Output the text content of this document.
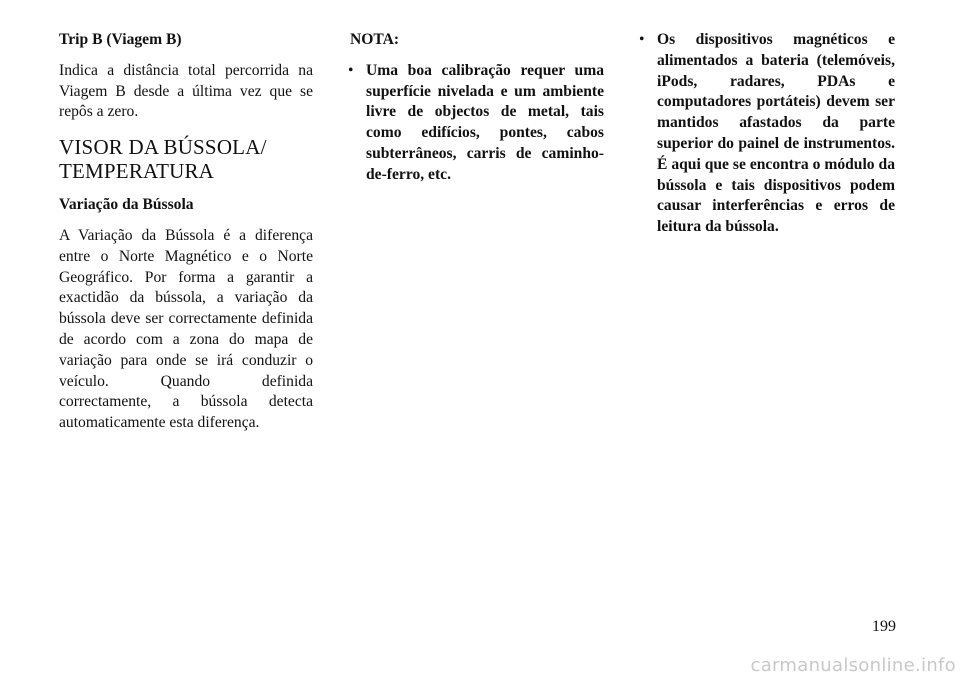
Trip B (Viagem B)

Indica a distância total percorrida na Viagem B desde a última vez que se repôs a zero.

VISOR DA BÚSSOLA/
TEMPERATURA

Variação da Bússola

A Variação da Bússola é a diferença entre o Norte Magnético e o Norte Geográfico. Por forma a garantir a exactidão da bússola, a variação da bússola deve ser correctamente definida de acordo com a zona do mapa de variação para onde se irá conduzir o veículo. Quando definida correctamente, a bússola detecta automaticamente esta diferença.

NOTA:

• Uma boa calibração requer uma superfície nivelada e um ambiente livre de objectos de metal, tais como edifícios, pontes, cabos subterrâneos, carris de caminho-de-ferro, etc.
• Os dispositivos magnéticos e alimentados a bateria (telemóveis, iPods, radares, PDAs e computadores portáteis) devem ser mantidos afastados da parte superior do painel de instrumentos. É aqui que se encontra o módulo da bússola e tais dispositivos podem causar interferências e erros de leitura da bússola.
199
carmanualsonline.info
